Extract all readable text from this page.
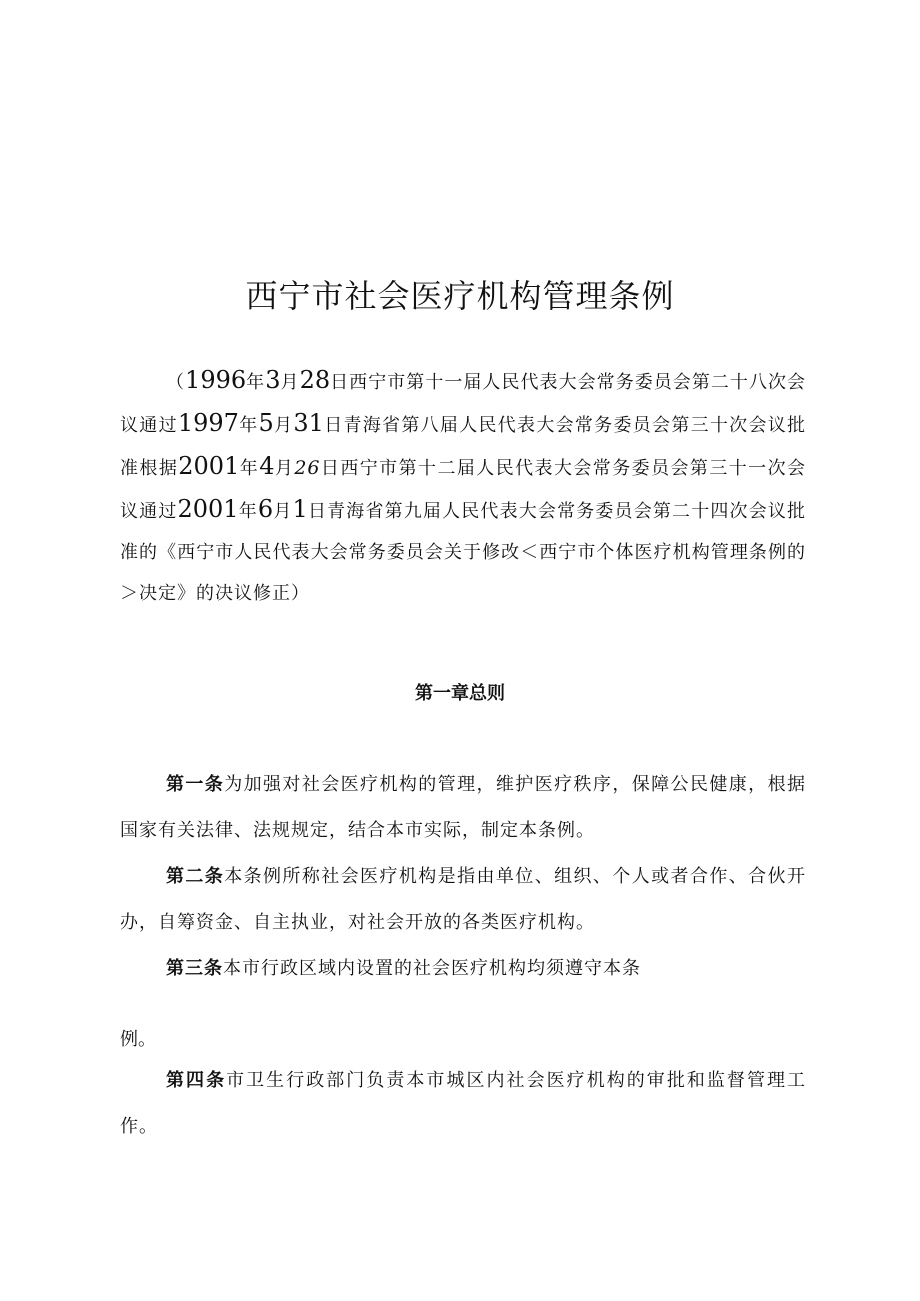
西宁市社会医疗机构管理条例

（1996年3月28日西宁市第十一届人民代表大会常务委员会第二十八次会议通过1997年5月31日青海省第八届人民代表大会常务委员会第三十次会议批准根据2001年4月26日西宁市第十二届人民代表大会常务委员会第三十一次会议通过2001年6月1日青海省第九届人民代表大会常务委员会第二十四次会议批准的《西宁市人民代表大会常务委员会关于修改＜西宁市个体医疗机构管理条例的＞决定》的决议修正）

第一章总则

第一条为加强对社会医疗机构的管理，维护医疗秩序，保障公民健康，根据国家有关法律、法规规定，结合本市实际，制定本条例。

第二条本条例所称社会医疗机构是指由单位、组织、个人或者合作、合伙开办，自筹资金、自主执业，对社会开放的各类医疗机构。

第三条本市行政区域内设置的社会医疗机构均须遵守本条

例。

第四条市卫生行政部门负责本市城区内社会医疗机构的审批和监督管理工作。
